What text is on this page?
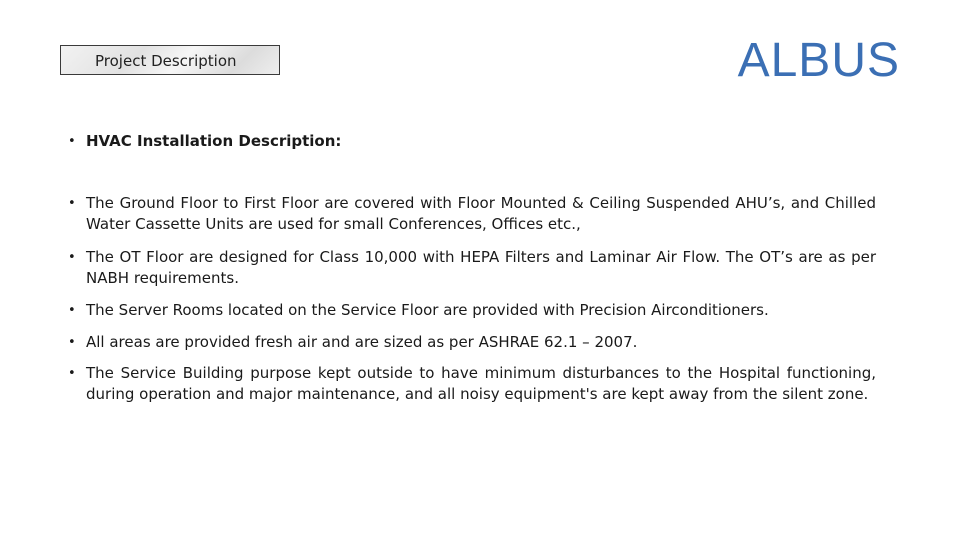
Project Description	ALBUS
• HVAC Installation Description:
• The Ground Floor to First Floor are covered with Floor Mounted & Ceiling Suspended AHU’s, and Chilled Water Cassette Units are used for small Conferences, Offices etc.,
• The OT Floor are designed for Class 10,000 with HEPA Filters and Laminar Air Flow. The OT’s are as per NABH requirements.
• The Server Rooms located on the Service Floor are provided with Precision Airconditioners.
• All areas are provided fresh air and are sized as per ASHRAE 62.1 – 2007.
• The Service Building purpose kept outside to have minimum disturbances to the Hospital functioning, during operation and major maintenance, and all noisy equipment's are kept away from the silent zone.
